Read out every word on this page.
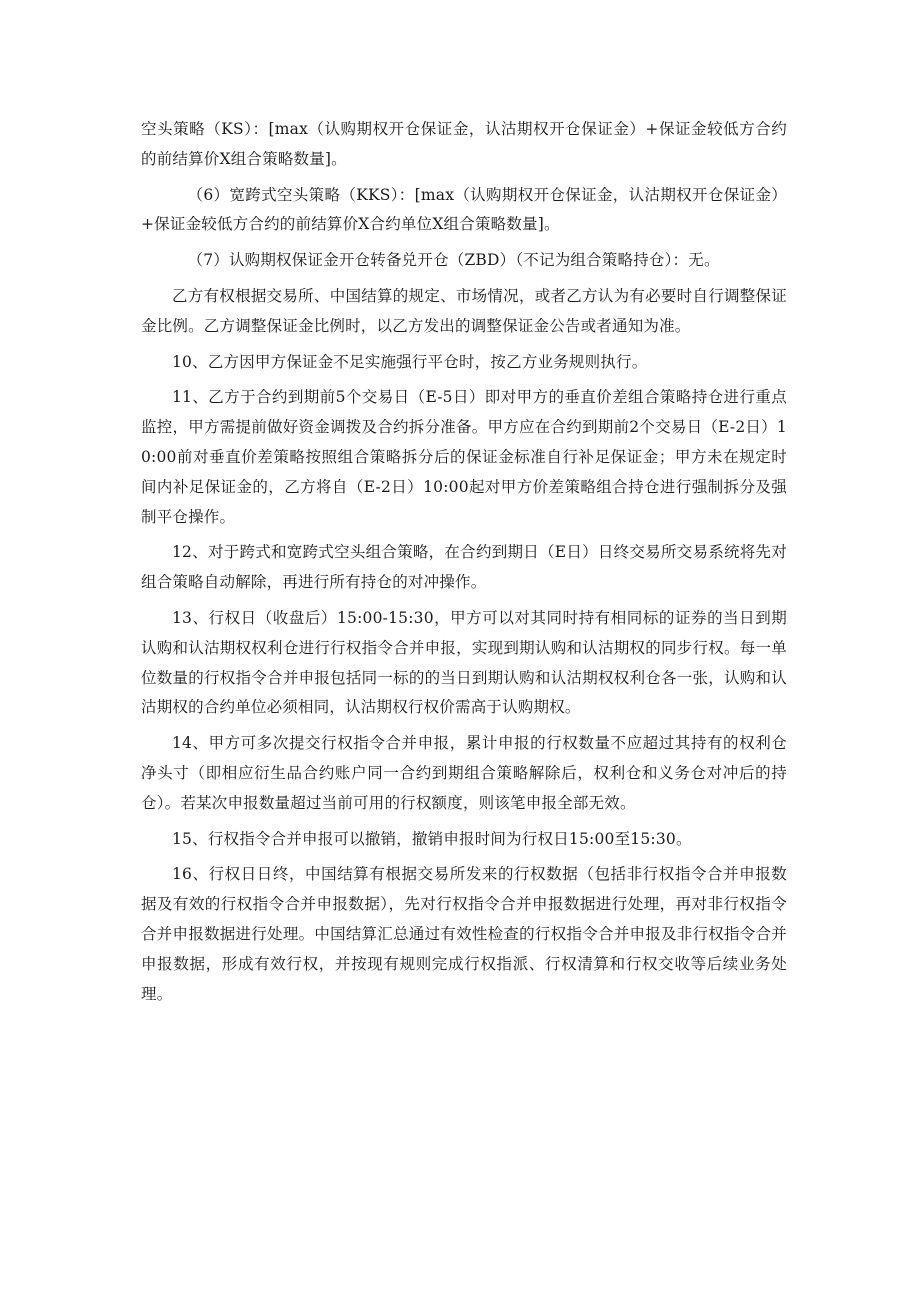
空头策略（KS）：[max（认购期权开仓保证金，认沽期权开仓保证金）+保证金较低方合约的前结算价X组合策略数量]。

（6）宽跨式空头策略（KKS）：[max（认购期权开仓保证金，认沽期权开仓保证金）+保证金较低方合约的前结算价X合约单位X组合策略数量]。

（7）认购期权保证金开仓转备兑开仓（ZBD）（不记为组合策略持仓）：无。

乙方有权根据交易所、中国结算的规定、市场情况，或者乙方认为有必要时自行调整保证金比例。乙方调整保证金比例时，以乙方发出的调整保证金公告或者通知为准。

10、乙方因甲方保证金不足实施强行平仓时，按乙方业务规则执行。

11、乙方于合约到期前5个交易日（E-5日）即对甲方的垂直价差组合策略持仓进行重点监控，甲方需提前做好资金调拨及合约拆分准备。甲方应在合约到期前2个交易日（E-2日）10:00前对垂直价差策略按照组合策略拆分后的保证金标准自行补足保证金；甲方未在规定时间内补足保证金的，乙方将自（E-2日）10:00起对甲方价差策略组合持仓进行强制拆分及强制平仓操作。

12、对于跨式和宽跨式空头组合策略，在合约到期日（E日）日终交易所交易系统将先对组合策略自动解除，再进行所有持仓的对冲操作。

13、行权日（收盘后）15:00-15:30，甲方可以对其同时持有相同标的证券的当日到期认购和认沽期权权利仓进行行权指令合并申报，实现到期认购和认沽期权的同步行权。每一单位数量的行权指令合并申报包括同一标的的当日到期认购和认沽期权权利仓各一张，认购和认沽期权的合约单位必须相同，认沽期权行权价需高于认购期权。

14、甲方可多次提交行权指令合并申报，累计申报的行权数量不应超过其持有的权利仓净头寸（即相应衍生品合约账户同一合约到期组合策略解除后，权利仓和义务仓对冲后的持仓）。若某次申报数量超过当前可用的行权额度，则该笔申报全部无效。

15、行权指令合并申报可以撤销，撤销申报时间为行权日15:00至15:30。

16、行权日日终，中国结算有根据交易所发来的行权数据（包括非行权指令合并申报数据及有效的行权指令合并申报数据），先对行权指令合并申报数据进行处理，再对非行权指令合并申报数据进行处理。中国结算汇总通过有效性检查的行权指令合并申报及非行权指令合并申报数据，形成有效行权，并按现有规则完成行权指派、行权清算和行权交收等后续业务处理。
